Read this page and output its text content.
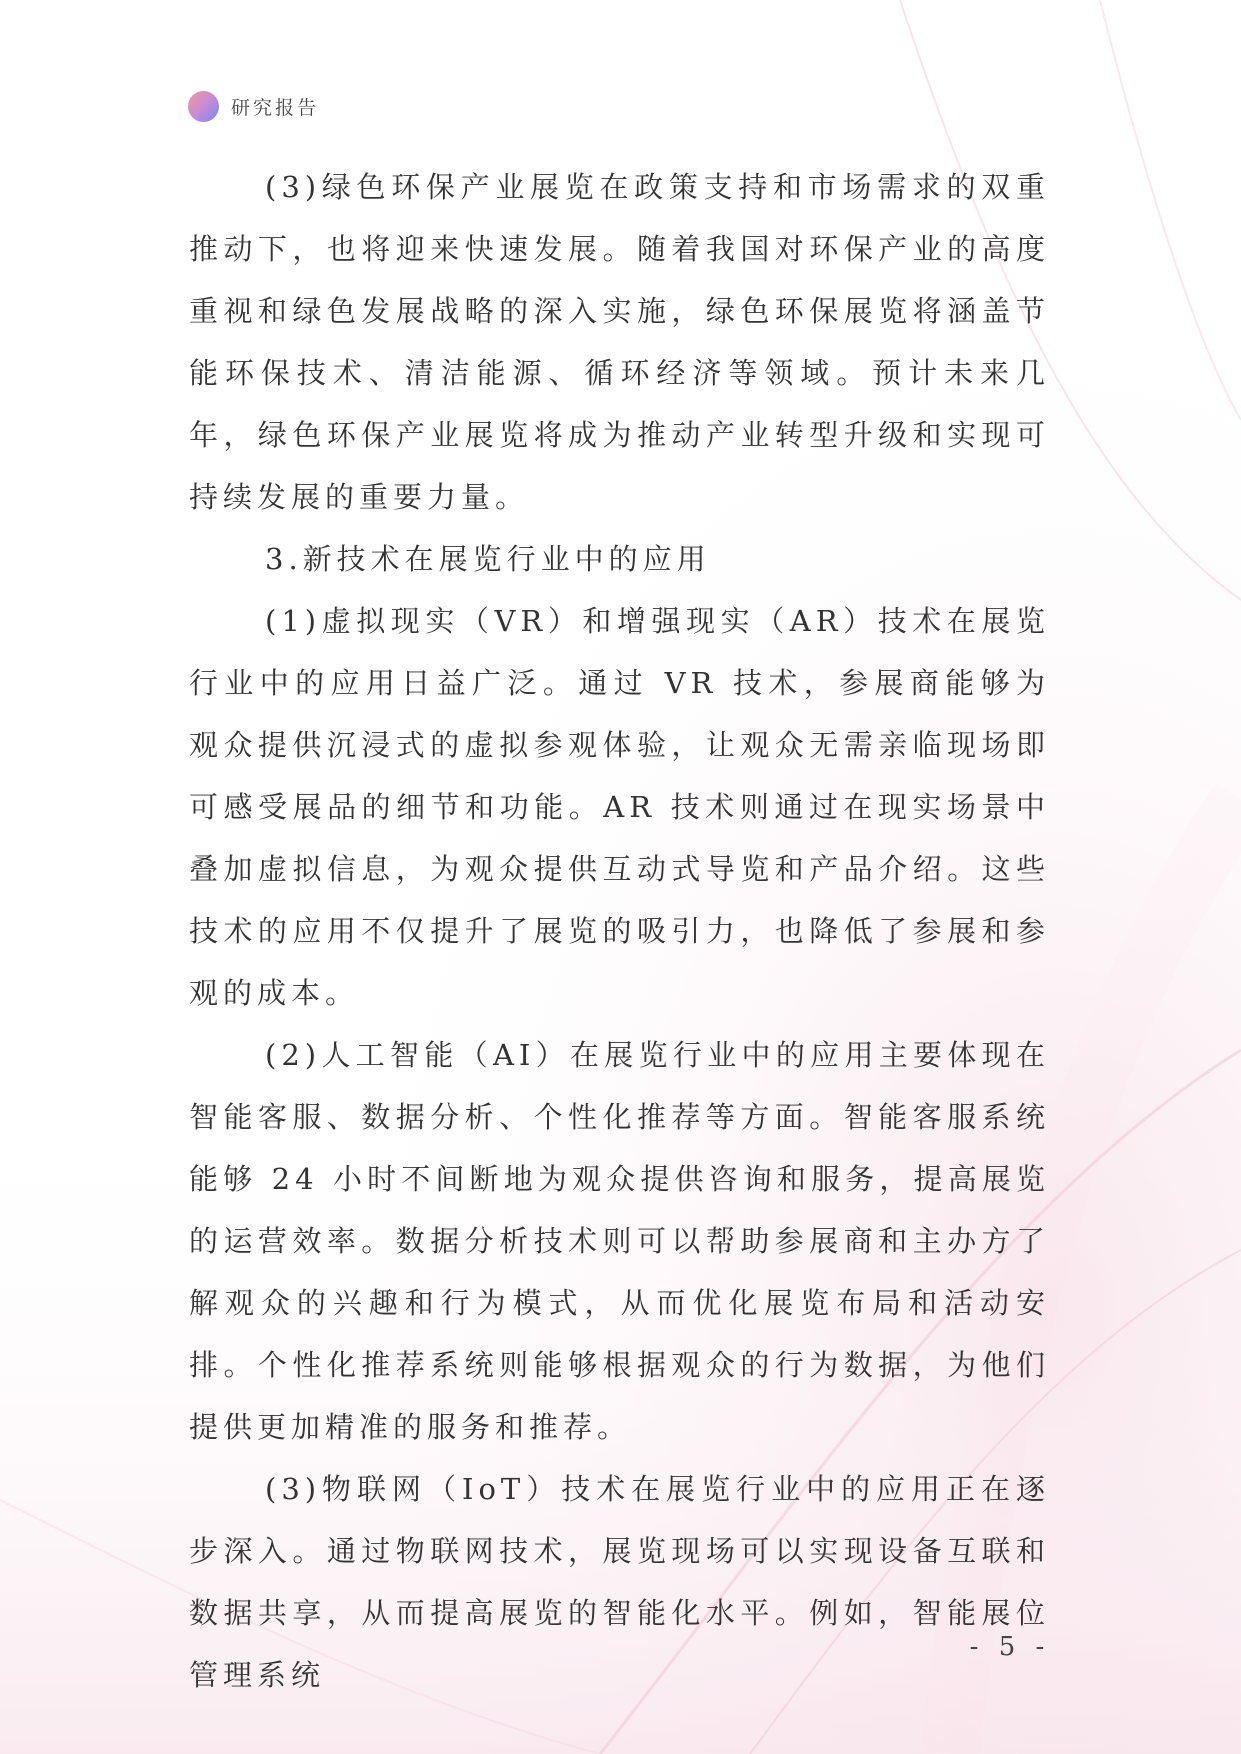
研究报告

(3)绿色环保产业展览在政策支持和市场需求的双重推动下，也将迎来快速发展。随着我国对环保产业的高度重视和绿色发展战略的深入实施，绿色环保展览将涵盖节能环保技术、清洁能源、循环经济等领域。预计未来几年，绿色环保产业展览将成为推动产业转型升级和实现可持续发展的重要力量。

3.新技术在展览行业中的应用

(1)虚拟现实（VR）和增强现实（AR）技术在展览行业中的应用日益广泛。通过 VR 技术，参展商能够为观众提供沉浸式的虚拟参观体验，让观众无需亲临现场即可感受展品的细节和功能。AR 技术则通过在现实场景中叠加虚拟信息，为观众提供互动式导览和产品介绍。这些技术的应用不仅提升了展览的吸引力，也降低了参展和参观的成本。

(2)人工智能（AI）在展览行业中的应用主要体现在智能客服、数据分析、个性化推荐等方面。智能客服系统能够 24 小时不间断地为观众提供咨询和服务，提高展览的运营效率。数据分析技术则可以帮助参展商和主办方了解观众的兴趣和行为模式，从而优化展览布局和活动安排。个性化推荐系统则能够根据观众的行为数据，为他们提供更加精准的服务和推荐。

(3)物联网（IoT）技术在展览行业中的应用正在逐步深入。通过物联网技术，展览现场可以实现设备互联和数据共享，从而提高展览的智能化水平。例如，智能展位管理系统

- 5 -
